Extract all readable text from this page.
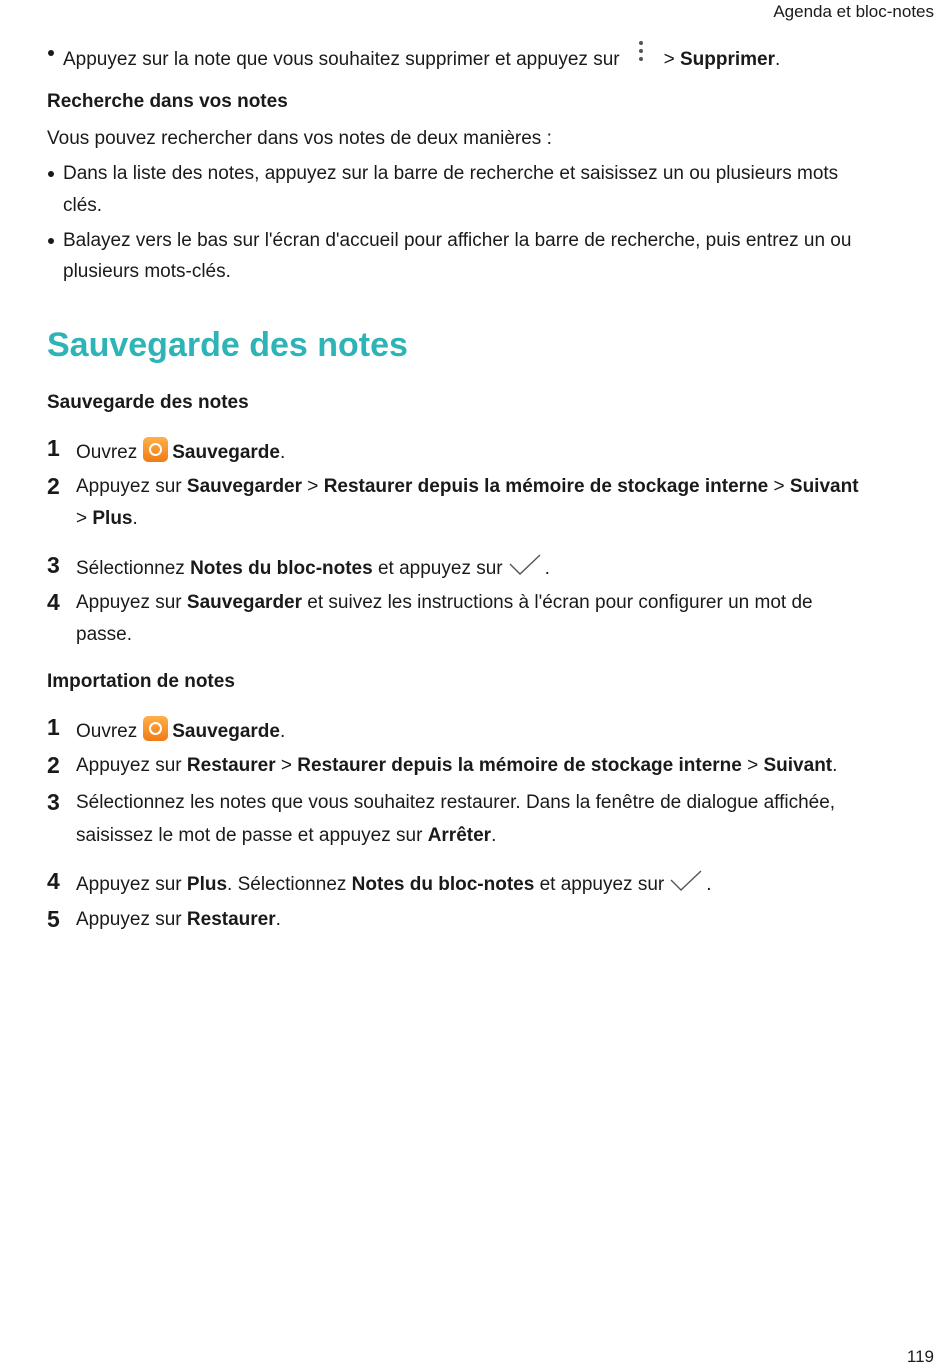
Agenda et bloc-notes
Appuyez sur la note que vous souhaitez supprimer et appuyez sur > Supprimer.
Recherche dans vos notes
Vous pouvez rechercher dans vos notes de deux manières :
Dans la liste des notes, appuyez sur la barre de recherche et saisissez un ou plusieurs mots
clés.
Balayez vers le bas sur l'écran d'accueil pour afficher la barre de recherche, puis entrez un ou
plusieurs mots-clés.
Sauvegarde des notes
Sauvegarde des notes
1 Ouvrez Sauvegarde.
2 Appuyez sur Sauvegarder > Restaurer depuis la mémoire de stockage interne > Suivant
> Plus.
3 Sélectionnez Notes du bloc-notes et appuyez sur .
4 Appuyez sur Sauvegarder et suivez les instructions à l'écran pour configurer un mot de
passe.
Importation de notes
1 Ouvrez Sauvegarde.
2 Appuyez sur Restaurer > Restaurer depuis la mémoire de stockage interne > Suivant.
3 Sélectionnez les notes que vous souhaitez restaurer. Dans la fenêtre de dialogue affichée,
saisissez le mot de passe et appuyez sur Arrêter.
4 Appuyez sur Plus. Sélectionnez Notes du bloc-notes et appuyez sur .
5 Appuyez sur Restaurer.
119
